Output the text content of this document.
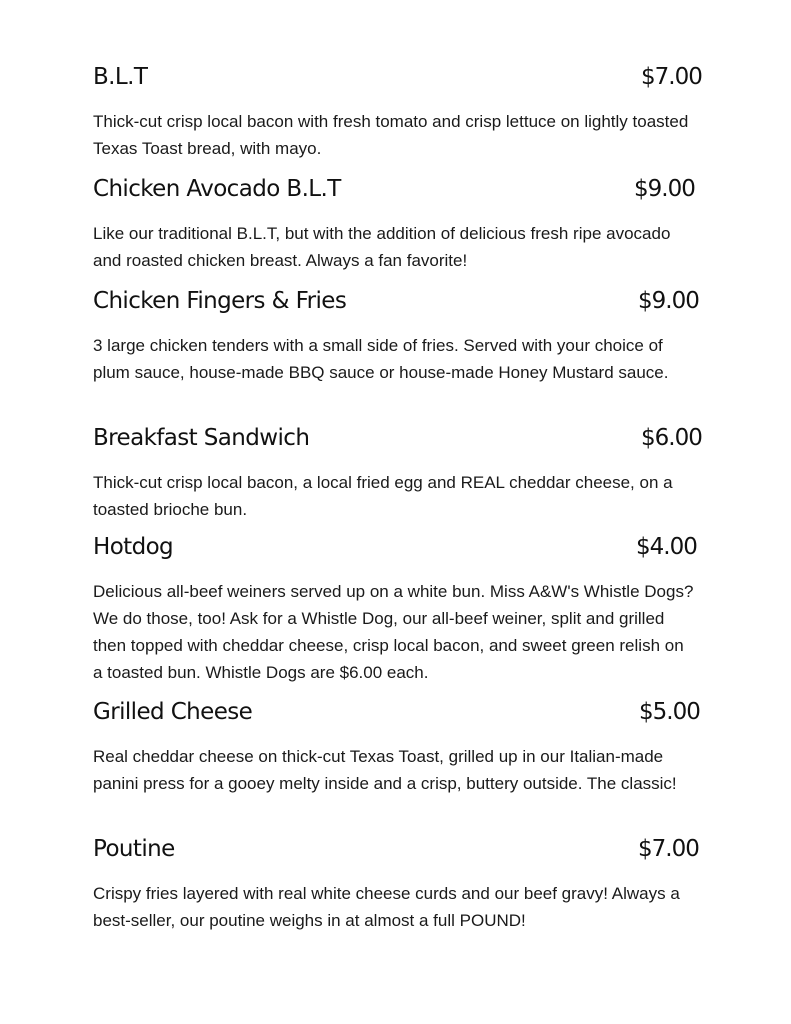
B.L.T	$7.00

Thick-cut crisp local bacon with fresh tomato and crisp lettuce on lightly toasted Texas Toast bread, with mayo.

Chicken Avocado B.L.T	$9.00

Like our traditional B.L.T, but with the addition of delicious fresh ripe avocado and roasted chicken breast. Always a fan favorite!

Chicken Fingers & Fries	$9.00

3 large chicken tenders with a small side of fries. Served with your choice of plum sauce, house-made BBQ sauce or house-made Honey Mustard sauce.

Breakfast Sandwich	$6.00

Thick-cut crisp local bacon, a local fried egg and REAL cheddar cheese, on a toasted brioche bun.

Hotdog	$4.00

Delicious all-beef weiners served up on a white bun. Miss A&W's Whistle Dogs? We do those, too! Ask for a Whistle Dog, our all-beef weiner, split and grilled then topped with cheddar cheese, crisp local bacon, and sweet green relish on a toasted bun. Whistle Dogs are $6.00 each.

Grilled Cheese	$5.00

Real cheddar cheese on thick-cut Texas Toast, grilled up in our Italian-made panini press for a gooey melty inside and a crisp, buttery outside. The classic!

Poutine	$7.00

Crispy fries layered with real white cheese curds and our beef gravy! Always a best-seller, our poutine weighs in at almost a full POUND!
